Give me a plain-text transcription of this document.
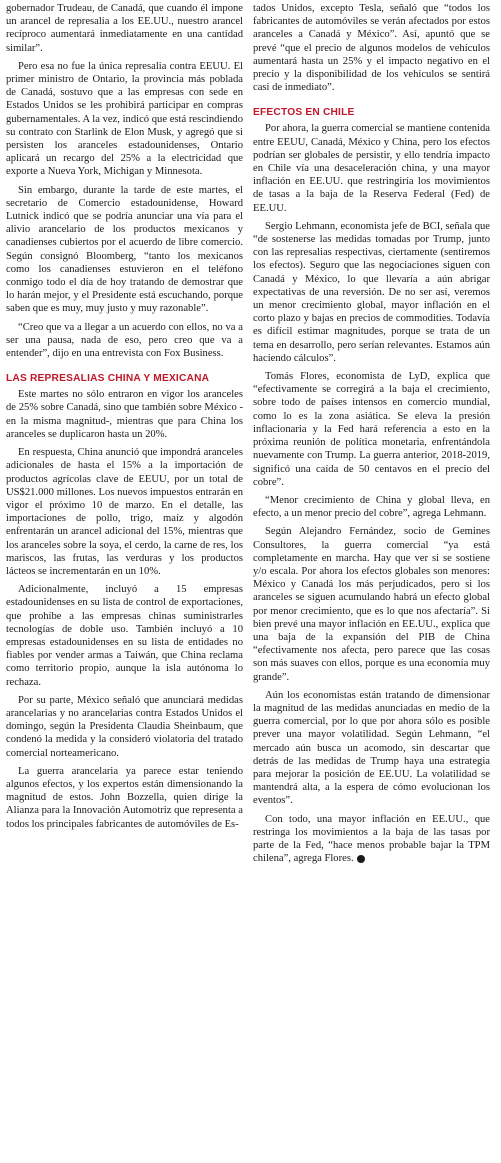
gobernador Trudeau, de Canadá, que cuando él impone un arancel de represalia a los EE.UU., nuestro arancel recíproco aumentará inmediatamente en una cantidad similar”.

Pero esa no fue la única represalia contra EEUU. El primer ministro de Ontario, la provincia más poblada de Canadá, sostuvo que a las empresas con sede en Estados Unidos se les prohibirá participar en compras gubernamentales. A la vez, indicó que está rescindiendo su contrato con Starlink de Elon Musk, y agregó que si persisten los aranceles estadounidenses, Ontario aplicará un recargo del 25% a la electricidad que exporte a Nueva York, Michigan y Minnesota.

Sin embargo, durante la tarde de este martes, el secretario de Comercio estadounidense, Howard Lutnick indicó que se podría anunciar una vía para el alivio arancelario de los productos mexicanos y canadienses cubiertos por el acuerdo de libre comercio. Según consignó Bloomberg, “tanto los mexicanos como los canadienses estuvieron en el teléfono conmigo todo el día de hoy tratando de demostrar que lo harán mejor, y el Presidente está escuchando, porque saben que es muy, muy justo y muy razonable”.

“Creo que va a llegar a un acuerdo con ellos, no va a ser una pausa, nada de eso, pero creo que va a entender”, dijo en una entrevista con Fox Business.

LAS REPRESALIAS CHINA Y MEXICANA

Este martes no sólo entraron en vigor los aranceles de 25% sobre Canadá, sino que también sobre México - en la misma magnitud-, mientras que para China los aranceles se duplicaron hasta un 20%.

En respuesta, China anunció que impondrá aranceles adicionales de hasta el 15% a la importación de productos agrícolas clave de EEUU, por un total de US$21.000 millones. Los nuevos impuestos entrarán en vigor el próximo 10 de marzo. En el detalle, las importaciones de pollo, trigo, maíz y algodón enfrentarán un arancel adicional del 15%, mientras que los aranceles sobre la soya, el cerdo, la carne de res, los mariscos, las frutas, las verduras y los productos lácteos se incrementarán en un 10%.

Adicionalmente, incluyó a 15 empresas estadounidenses en su lista de control de exportaciones, que prohíbe a las empresas chinas suministrarles tecnologías de doble uso. También incluyó a 10 empresas estadounidenses en su lista de entidades no fiables por vender armas a Taiwán, que China reclama como territorio propio, aunque la isla autónoma lo rechaza.

Por su parte, México señaló que anunciará medidas arancelarias y no arancelarias contra Estados Unidos el domingo, según la Presidenta Claudia Sheinbaum, que condenó la medida y la consideró violatoria del tratado comercial norteamericano.

La guerra arancelaria ya parece estar teniendo algunos efectos, y los expertos están dimensionando la magnitud de estos. John Bozzella, quien dirige la Alianza para la Innovación Automotriz que representa a todos los principales fabricantes de automóviles de Es-

tados Unidos, excepto Tesla, señaló que “todos los fabricantes de automóviles se verán afectados por estos aranceles a Canadá y México”. Así, apuntó que se prevé “que el precio de algunos modelos de vehículos aumentará hasta un 25% y el impacto negativo en el precio y la disponibilidad de los vehículos se sentirá casi de inmediato”.

EFECTOS EN CHILE

Por ahora, la guerra comercial se mantiene contenida entre EEUU, Canadá, México y China, pero los efectos podrían ser globales de persistir, y ello tendría impacto en Chile vía una desaceleración china, y una mayor inflación en EE.UU. que restringiría los movimientos de tasas a la baja de la Reserva Federal (Fed) de EE.UU.

Sergio Lehmann, economista jefe de BCI, señala que “de sostenerse las medidas tomadas por Trump, junto con las represalias respectivas, ciertamente (sentiremos los efectos). Seguro que las negociaciones siguen con Canadá y México, lo que llevaría a aún abrigar expectativas de una reversión. De no ser así, veremos un menor crecimiento global, mayor inflación en el corto plazo y bajas en precios de commodities. Todavía es difícil estimar magnitudes, porque se trata de un tema en desarrollo, pero serían relevantes. Estamos aún haciendo cálculos”.

Tomás Flores, economista de LyD, explica que “efectivamente se corregirá a la baja el crecimiento, sobre todo de países intensos en comercio mundial, como lo es la zona asiática. Se eleva la presión inflacionaria y la Fed hará referencia a esto en la próxima reunión de política monetaria, enfrentándola nuevamente con Trump. La guerra anterior, 2018-2019, significó una caída de 50 centavos en el precio del cobre”.

“Menor crecimiento de China y global lleva, en efecto, a un menor precio del cobre”, agrega Lehmann.

Según Alejandro Fernández, socio de Gemines Consultores, la guerra comercial “ya está completamente en marcha. Hay que ver si se sostiene y/o escala. Por ahora los efectos globales son menores: México y Canadá los más perjudicados, pero si los aranceles se siguen acumulando habrá un efecto global por menor crecimiento, que es lo que nos afectaría”. Si bien prevé una mayor inflación en EE.UU., explica que una baja de la expansión del PIB de China “efectivamente nos afecta, pero parece que las cosas son más suaves con ellos, porque es una economía muy grande”.

Aún los economistas están tratando de dimensionar la magnitud de las medidas anunciadas en medio de la guerra comercial, por lo que por ahora sólo es posible prever una mayor volatilidad. Según Lehmann, “el mercado aún busca un acomodo, sin descartar que detrás de las medidas de Trump haya una estrategia para mejorar la posición de EE.UU. La volatilidad se mantendrá alta, a la espera de cómo evolucionan los eventos”.

Con todo, una mayor inflación en EE.UU., que restringa los movimientos a la baja de las tasas por parte de la Fed, “hace menos probable bajar la TPM chilena”, agrega Flores.	●
